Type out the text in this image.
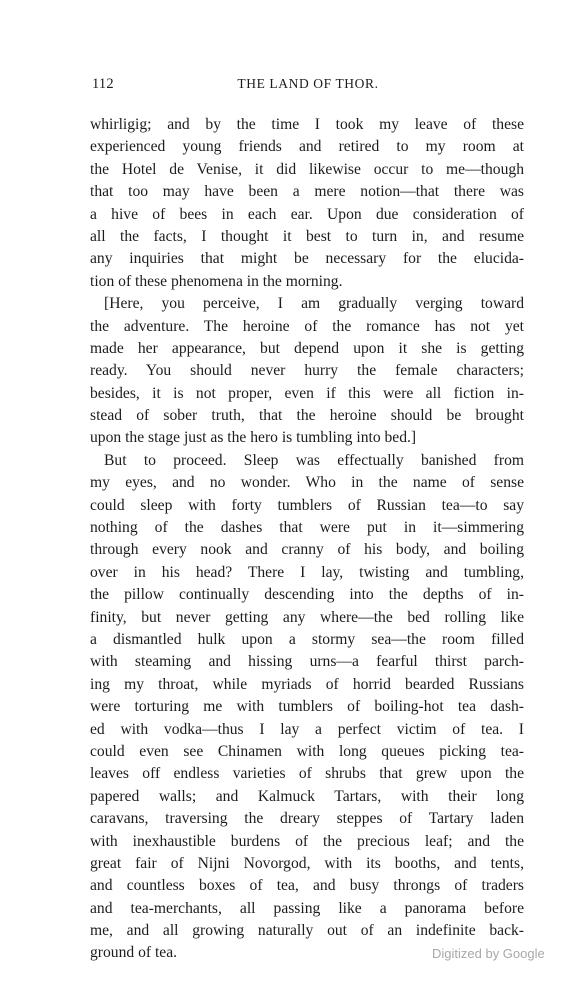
112	THE LAND OF THOR.
whirligig; and by the time I took my leave of these
experienced young friends and retired to my room at
the Hotel de Venise, it did likewise occur to me—though
that too may have been a mere notion—that there was
a hive of bees in each ear. Upon due consideration of
all the facts, I thought it best to turn in, and resume
any inquiries that might be necessary for the elucida-
tion of these phenomena in the morning.
[Here, you perceive, I am gradually verging toward
the adventure. The heroine of the romance has not yet
made her appearance, but depend upon it she is getting
ready. You should never hurry the female characters;
besides, it is not proper, even if this were all fiction in-
stead of sober truth, that the heroine should be brought
upon the stage just as the hero is tumbling into bed.]
But to proceed. Sleep was effectually banished from
my eyes, and no wonder. Who in the name of sense
could sleep with forty tumblers of Russian tea—to say
nothing of the dashes that were put in it—simmering
through every nook and cranny of his body, and boiling
over in his head? There I lay, twisting and tumbling,
the pillow continually descending into the depths of in-
finity, but never getting any where—the bed rolling like
a dismantled hulk upon a stormy sea—the room filled
with steaming and hissing urns—a fearful thirst parch-
ing my throat, while myriads of horrid bearded Russians
were torturing me with tumblers of boiling-hot tea dash-
ed with vodka—thus I lay a perfect victim of tea. I
could even see Chinamen with long queues picking tea-
leaves off endless varieties of shrubs that grew upon the
papered walls; and Kalmuck Tartars, with their long
caravans, traversing the dreary steppes of Tartary laden
with inexhaustible burdens of the precious leaf; and the
great fair of Nijni Novorgod, with its booths, and tents,
and countless boxes of tea, and busy throngs of traders
and tea-merchants, all passing like a panorama before
me, and all growing naturally out of an indefinite back-
ground of tea.	Digitized by Google
